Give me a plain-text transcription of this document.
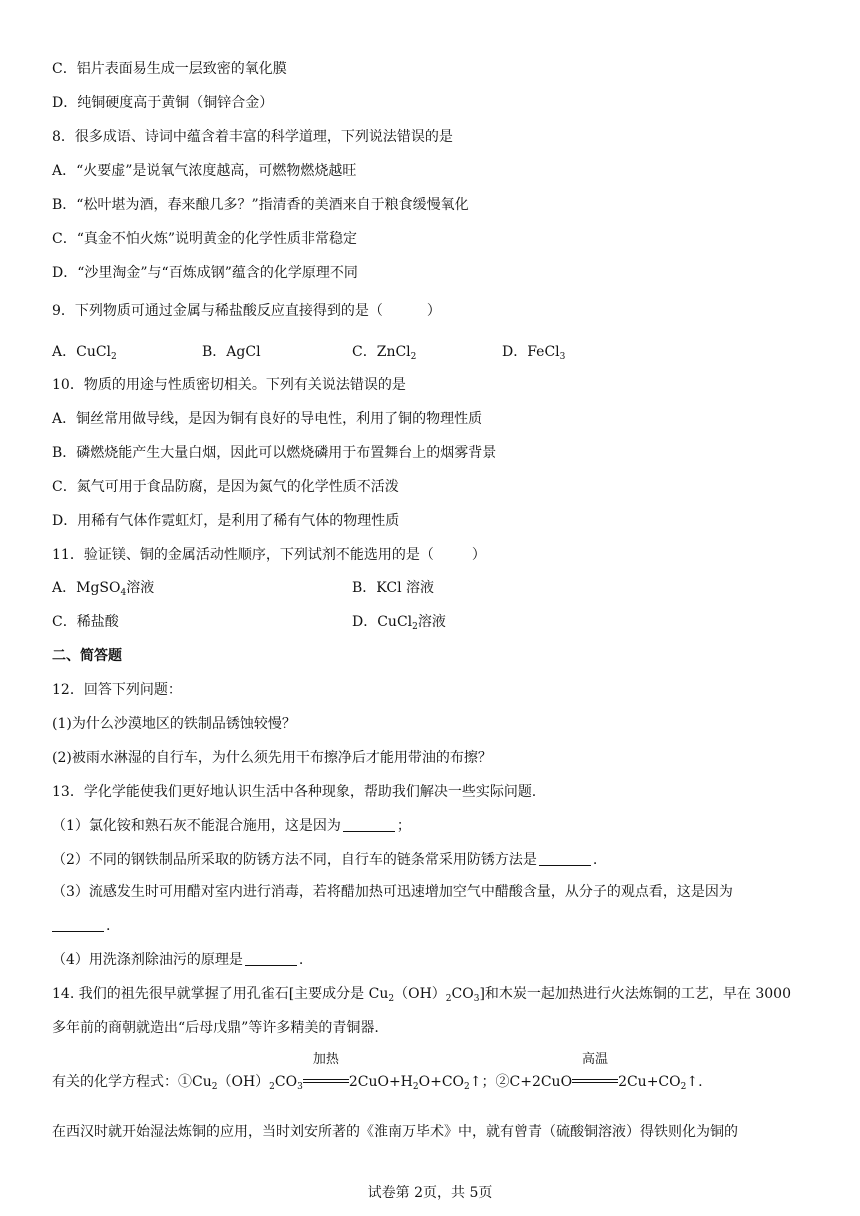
C．铝片表面易生成一层致密的氧化膜
D．纯铜硬度高于黄铜（铜锌合金）
8．很多成语、诗词中蕴含着丰富的科学道理，下列说法错误的是
A．“火要虚”是说氧气浓度越高，可燃物燃烧越旺
B．“松叶堪为酒，春来酿几多？”指清香的美酒来自于粮食缓慢氧化
C．“真金不怕火炼”说明黄金的化学性质非常稳定
D．“沙里淘金”与“百炼成钢”蕴含的化学原理不同
9．下列物质可通过金属与稀盐酸反应直接得到的是（	）
A．CuCl$_2$	B．AgCl	C．ZnCl$_2$	D．FeCl$_3$
10．物质的用途与性质密切相关。下列有关说法错误的是
A．铜丝常用做导线，是因为铜有良好的导电性，利用了铜的物理性质
B．磷燃烧能产生大量白烟，因此可以燃烧磷用于布置舞台上的烟雾背景
C．氮气可用于食品防腐，是因为氮气的化学性质不活泼
D．用稀有气体作霓虹灯，是利用了稀有气体的物理性质
11．验证镁、铜的金属活动性顺序，下列试剂不能选用的是（	）
A．MgSO$_4$溶液	B．KCl 溶液
C．稀盐酸	D．CuCl$_2$溶液
二、简答题
12．回答下列问题：
(1)为什么沙漠地区的铁制品锈蚀较慢？
(2)被雨水淋湿的自行车，为什么须先用干布擦净后才能用带油的布擦？
13．学化学能使我们更好地认识生活中各种现象，帮助我们解决一些实际问题.
（1）氯化铵和熟石灰不能混合施用，这是因为	；
（2）不同的钢铁制品所采取的防锈方法不同，自行车的链条常采用防锈方法是	.
（3）流感发生时可用醋对室内进行消毒，若将醋加热可迅速增加空气中醋酸含量，从分子的观点看，这是因为
.
（4）用洗涤剂除油污的原理是	.
14. 我们的祖先很早就掌握了用孔雀石[主要成分是 $Cu_2(OH)_2CO_3$]和木炭一起加热进行火法炼铜的工艺，早在 3000
多年前的商朝就造出“后母戊鼎”等许多精美的青铜器.
有关的化学方程式：$①Cu_2(OH)_2CO_3$
加热
$2CuO+H_2O+CO_2↑$；②C+2CuO
高温
$2Cu+CO_2↑$.
在西汉时就开始湿法炼铜的应用，当时刘安所著的《淮南万毕术》中，就有曾青（硫酸铜溶液）得铁则化为铜的
试卷第 2页，共 5页
